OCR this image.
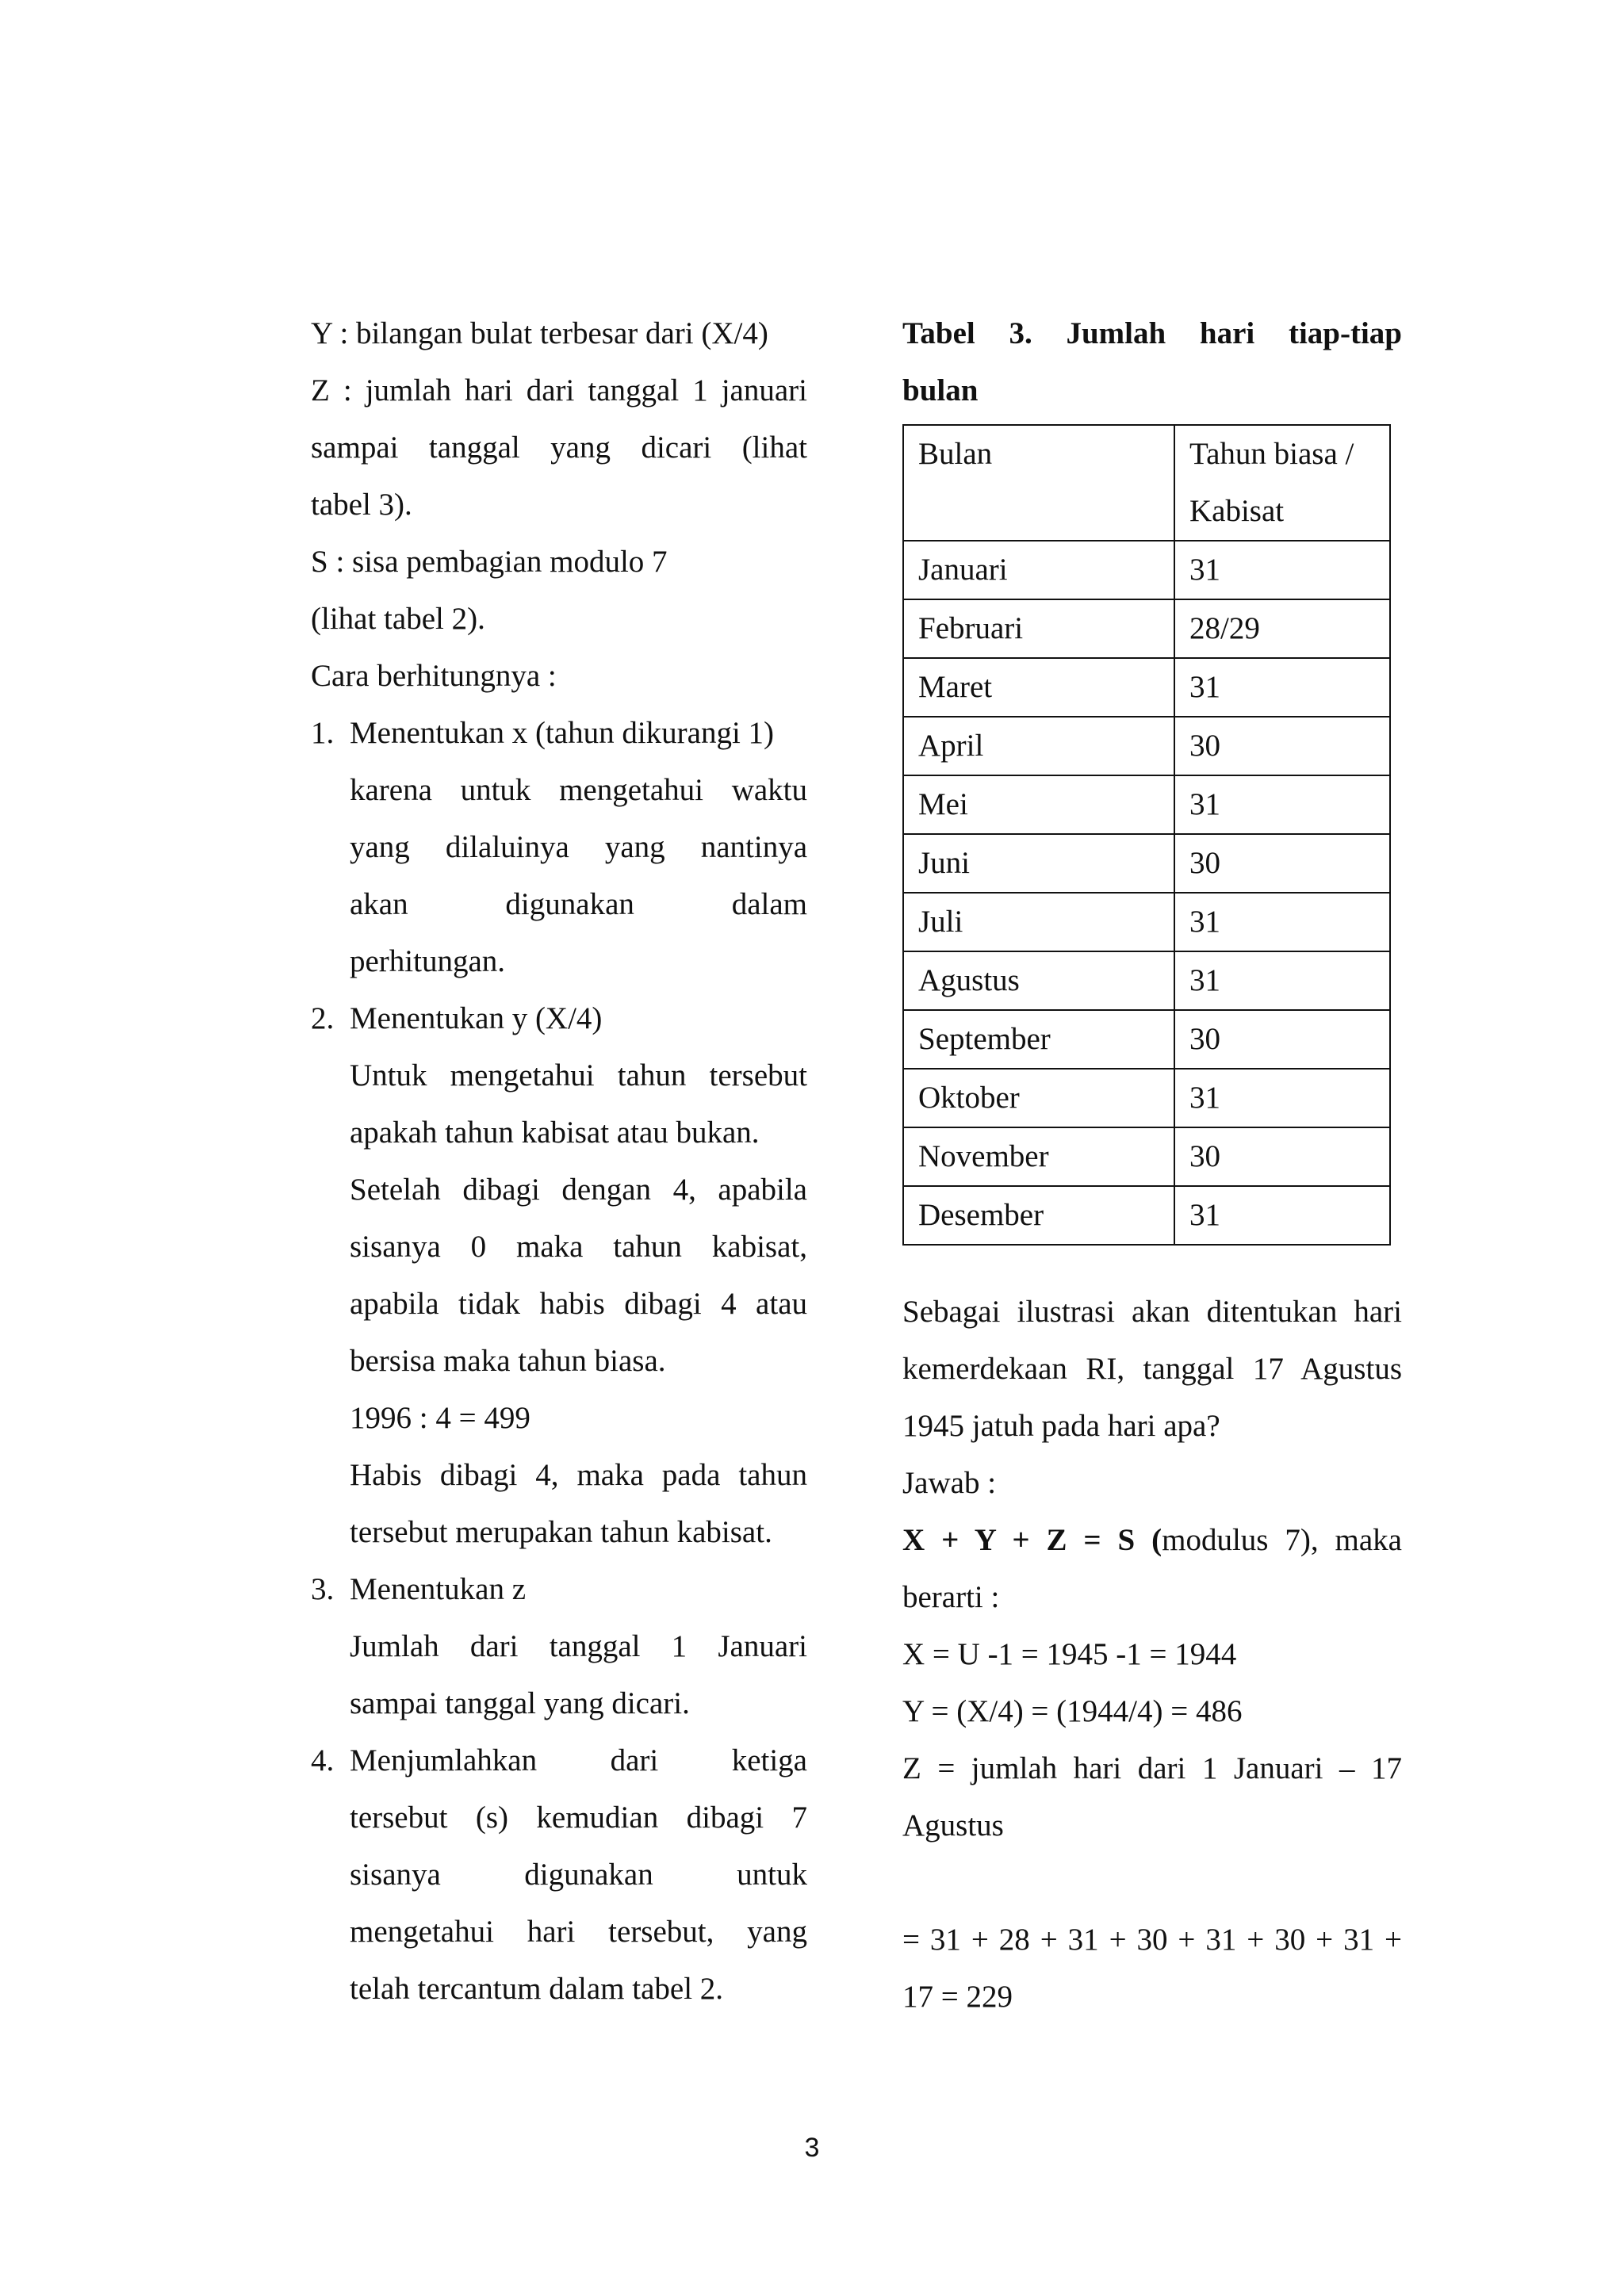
Y : bilangan bulat terbesar dari (X/4)
Z : jumlah hari dari tanggal 1 januari
sampai tanggal yang dicari (lihat
tabel 3).
S : sisa pembagian modulo 7
(lihat tabel 2).
Cara berhitungnya :
1. Menentukan x (tahun dikurangi 1)
karena untuk mengetahui waktu
yang dilaluinya yang nantinya
akan digunakan dalam
perhitungan.
2. Menentukan y (X/4)
Untuk mengetahui tahun tersebut
apakah tahun kabisat atau bukan.
Setelah dibagi dengan 4, apabila
sisanya 0 maka tahun kabisat,
apabila tidak habis dibagi 4 atau
bersisa maka tahun biasa.
1996 : 4 = 499
Habis dibagi 4, maka pada tahun
tersebut merupakan tahun kabisat.
3. Menentukan z
Jumlah dari tanggal 1 Januari
sampai tanggal yang dicari.
4. Menjumlahkan dari ketiga
tersebut (s) kemudian dibagi 7
sisanya digunakan untuk
mengetahui hari tersebut, yang
telah tercantum dalam tabel 2.
Tabel 3. Jumlah hari tiap-tiap
bulan
Bulan	Tahun biasa /
Kabisat

Januari	31
Februari	28/29
Maret	31
April	30
Mei	31
Juni	30
Juli	31
Agustus	31
September	30
Oktober	31
November	30
Desember	31
Sebagai ilustrasi akan ditentukan hari
kemerdekaan RI, tanggal 17 Agustus
1945 jatuh pada hari apa?
Jawab :
X + Y + Z = S (modulus 7), maka
berarti :
X = U -1 = 1945 -1 = 1944
Y = (X/4) = (1944/4) = 486
Z = jumlah hari dari 1 Januari – 17
Agustus
= 31 + 28 + 31 + 30 + 31 + 30 + 31 +
17 = 229
3
